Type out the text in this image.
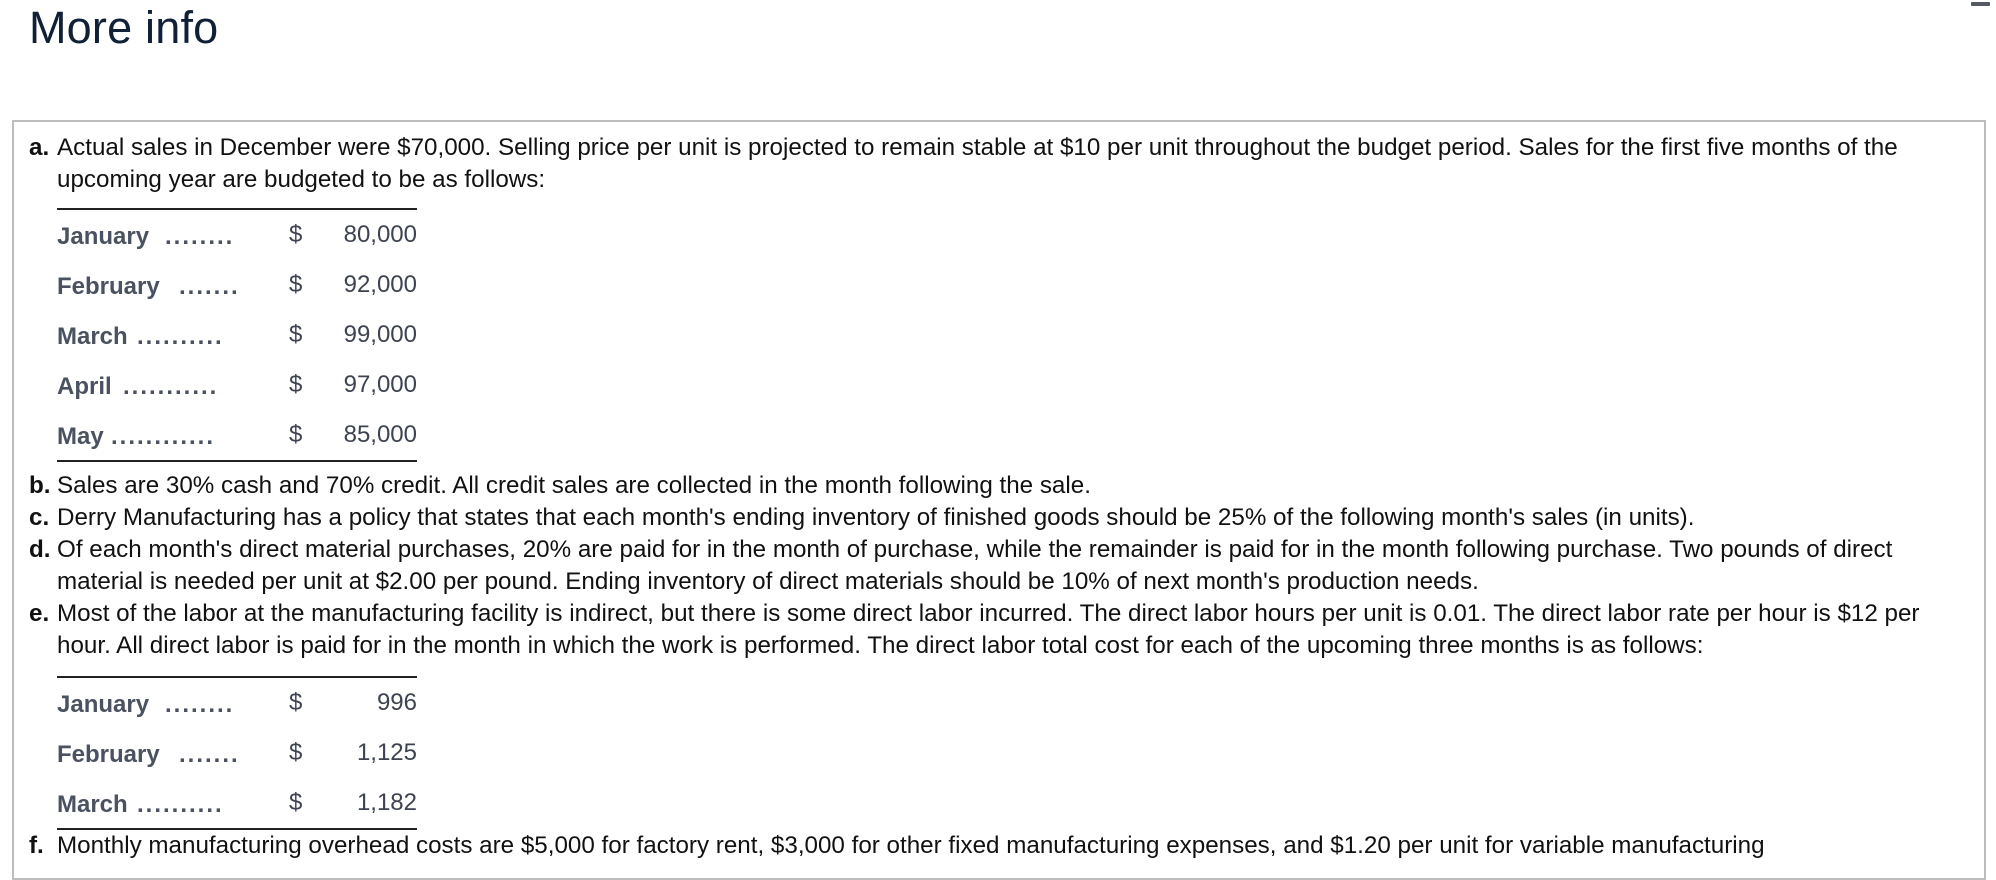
More info
a. Actual sales in December were $70,000. Selling price per unit is projected to remain stable at $10 per unit throughout the budget period. Sales for the first five months of the upcoming year are budgeted to be as follows:
January ........ $ 80,000
February ....... $ 92,000
March ..........	$ 99,000
April ...........	$ 97,000
May ............	$ 85,000
b. Sales are 30% cash and 70% credit. All credit sales are collected in the month following the sale.
c. Derry Manufacturing has a policy that states that each month's ending inventory of finished goods should be 25% of the following month's sales (in units).
d. Of each month's direct material purchases, 20% are paid for in the month of purchase, while the remainder is paid for in the month following purchase. Two pounds of direct material is needed per unit at $2.00 per pound. Ending inventory of direct materials should be 10% of next month's production needs.
e. Most of the labor at the manufacturing facility is indirect, but there is some direct labor incurred. The direct labor hours per unit is 0.01. The direct labor rate per hour is $12 per hour. All direct labor is paid for in the month in which the work is performed. The direct labor total cost for each of the upcoming three months is as follows:
January ........ $	996
February ....... $ 1,125
March ..........	$ 1,182
f. Monthly manufacturing overhead costs are $5,000 for factory rent, $3,000 for other fixed manufacturing expenses, and $1.20 per unit for variable manufacturing
